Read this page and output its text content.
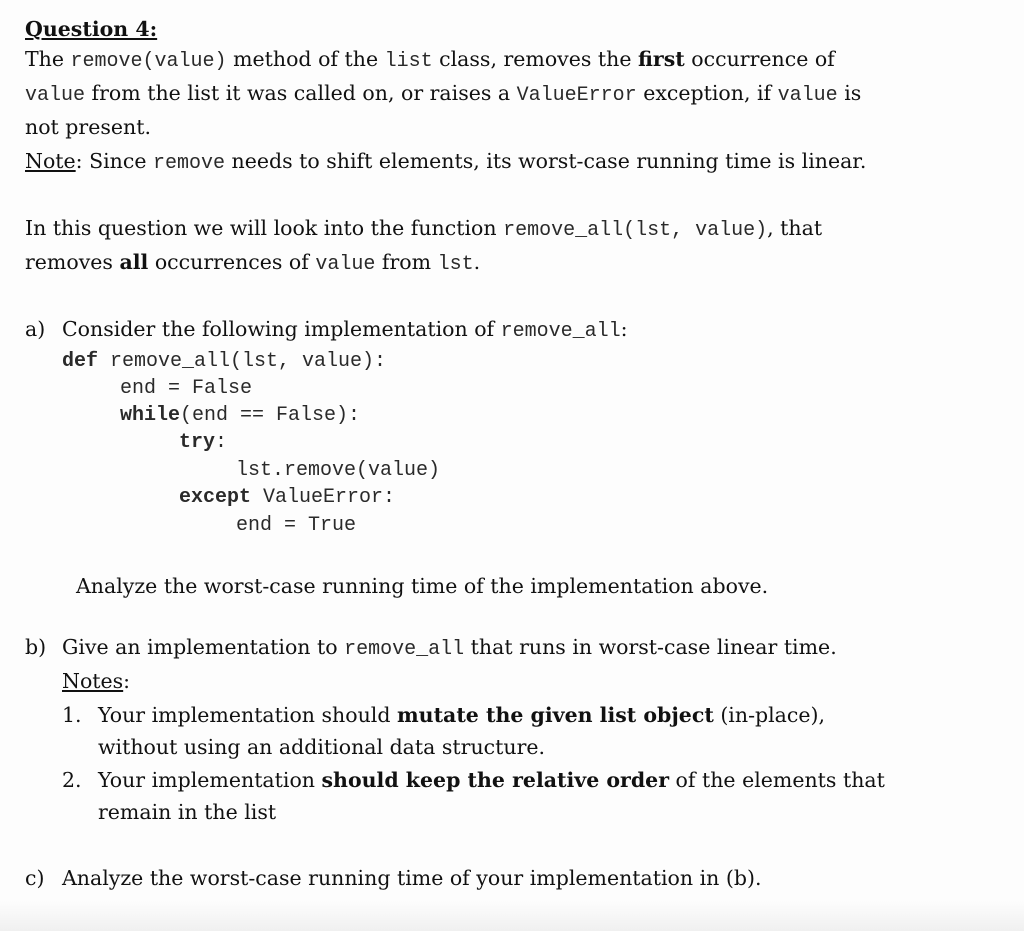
Question 4:
The remove(value) method of the list class, removes the first occurrence of
value from the list it was called on, or raises a ValueError exception, if value is
not present.
Note: Since remove needs to shift elements, its worst-case running time is linear.
In this question we will look into the function remove_all(lst, value), that
removes all occurrences of value from lst.
a) Consider the following implementation of remove_all:
def remove_all(lst, value):
end = False
while(end == False):
try:
lst.remove(value)
except ValueError:
end = True
Analyze the worst-case running time of the implementation above.
b) Give an implementation to remove_all that runs in worst-case linear time.
Notes:
1. Your implementation should mutate the given list object (in-place),
without using an additional data structure.
2. Your implementation should keep the relative order of the elements that
remain in the list
c) Analyze the worst-case running time of your implementation in (b).
